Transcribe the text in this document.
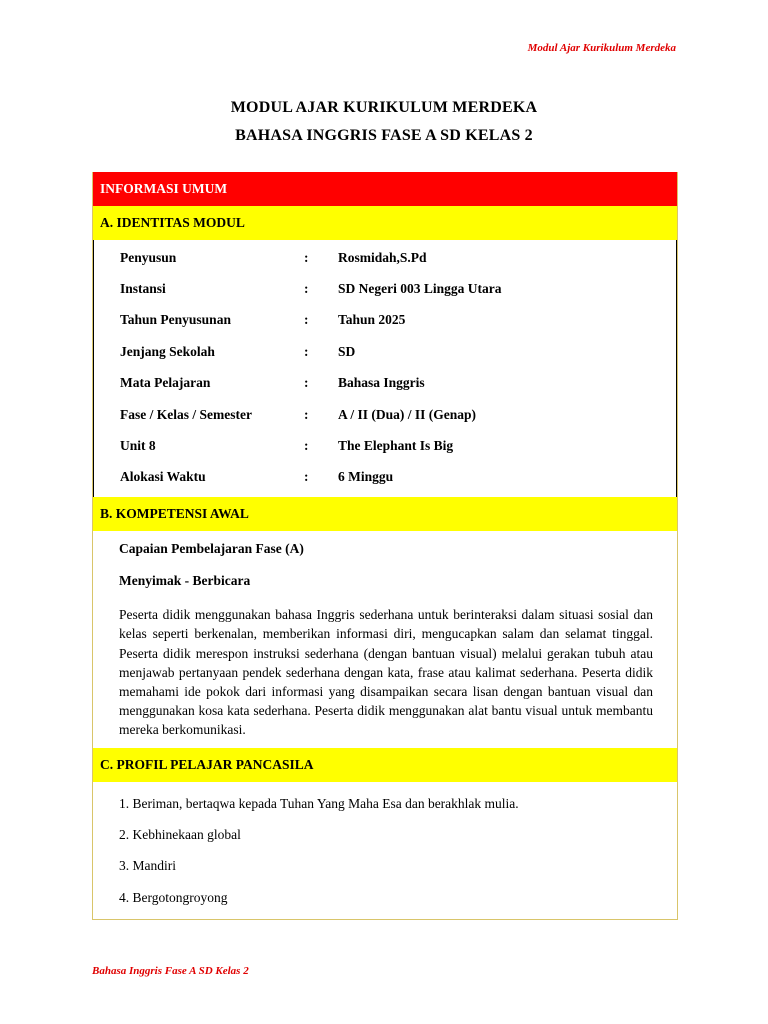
Modul Ajar Kurikulum Merdeka
MODUL AJAR KURIKULUM MERDEKA
BAHASA INGGRIS FASE A SD KELAS 2
INFORMASI UMUM
A. IDENTITAS MODUL
Penyusun	:	Rosmidah,S.Pd
Instansi	:	SD Negeri 003 Lingga Utara
Tahun Penyusunan	:	Tahun 2025
Jenjang Sekolah	:	SD
Mata Pelajaran	:	Bahasa Inggris
Fase / Kelas / Semester	:	A / II (Dua) / II (Genap)
Unit 8	:	The Elephant Is Big
Alokasi Waktu	:	6 Minggu
B. KOMPETENSI AWAL
Capaian Pembelajaran Fase (A)
Menyimak - Berbicara

Peserta didik menggunakan bahasa Inggris sederhana untuk berinteraksi dalam situasi sosial dan kelas seperti berkenalan, memberikan informasi diri, mengucapkan salam dan selamat tinggal. Peserta didik merespon instruksi sederhana (dengan bantuan visual) melalui gerakan tubuh atau menjawab pertanyaan pendek sederhana dengan kata, frase atau kalimat sederhana. Peserta didik memahami ide pokok dari informasi yang disampaikan secara lisan dengan bantuan visual dan menggunakan kosa kata sederhana. Peserta didik menggunakan alat bantu visual untuk membantu mereka berkomunikasi.

C. PROFIL PELAJAR PANCASILA
1. Beriman, bertaqwa kepada Tuhan Yang Maha Esa dan berakhlak mulia.
2. Kebhinekaan global
3. Mandiri
4. Bergotongroyong
Bahasa Inggris Fase A SD Kelas 2
